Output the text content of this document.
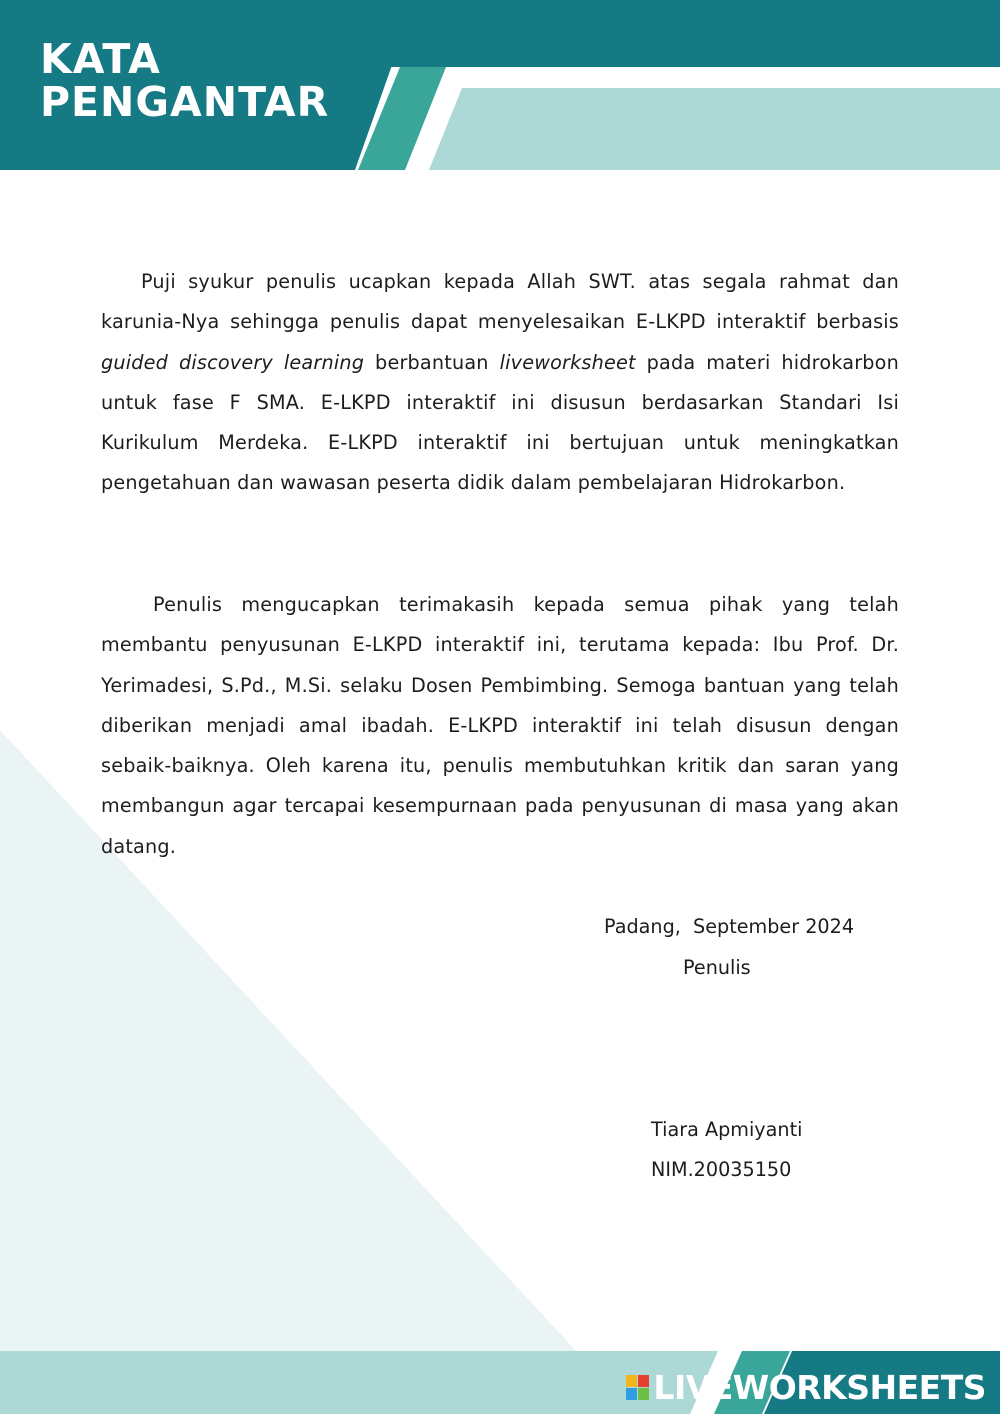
KATA
PENGANTAR
Puji syukur penulis ucapkan kepada Allah SWT. atas segala rahmat dan karunia-Nya sehingga penulis dapat menyelesaikan E-LKPD interaktif berbasis guided discovery learning berbantuan liveworksheet pada materi hidrokarbon untuk fase F SMA. E-LKPD interaktif ini disusun berdasarkan Standari Isi Kurikulum Merdeka. E-LKPD interaktif ini bertujuan untuk meningkatkan pengetahuan dan wawasan peserta didik dalam pembelajaran Hidrokarbon.
Penulis mengucapkan terimakasih kepada semua pihak yang telah membantu penyusunan E-LKPD interaktif ini, terutama kepada: Ibu Prof. Dr. Yerimadesi, S.Pd., M.Si. selaku Dosen Pembimbing. Semoga bantuan yang telah diberikan menjadi amal ibadah. E-LKPD interaktif ini telah disusun dengan sebaik-baiknya. Oleh karena itu, penulis membutuhkan kritik dan saran yang membangun agar tercapai kesempurnaan pada penyusunan di masa yang akan datang.
Padang,  September 2024
Penulis
Tiara Apmiyanti
NIM.20035150
LIVEWORKSHEETS
